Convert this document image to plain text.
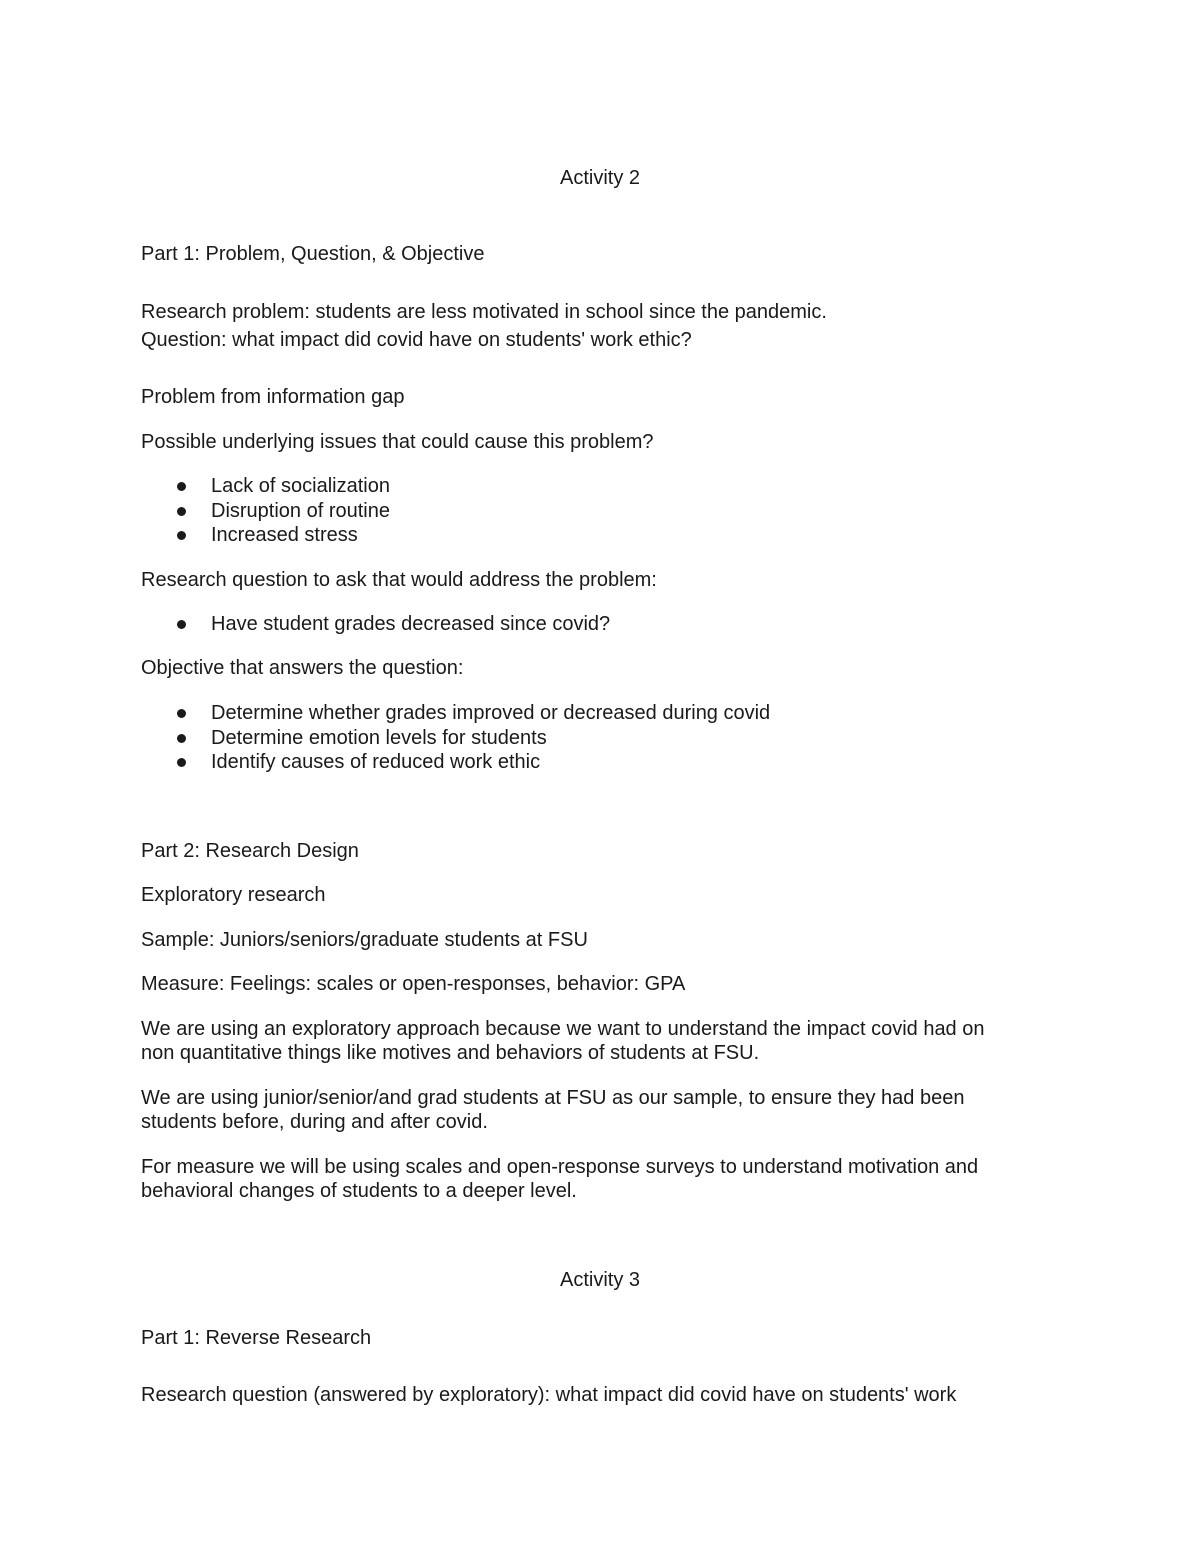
Activity 2
Part 1: Problem, Question, & Objective
Research problem: students are less motivated in school since the pandemic.
Question: what impact did covid have on students' work ethic?
Problem from information gap
Possible underlying issues that could cause this problem?
Lack of socialization
Disruption of routine
Increased stress
Research question to ask that would address the problem:
Have student grades decreased since covid?
Objective that answers the question:
Determine whether grades improved or decreased during covid
Determine emotion levels for students
Identify causes of reduced work ethic
Part 2: Research Design
Exploratory research
Sample: Juniors/seniors/graduate students at FSU
Measure: Feelings: scales or open-responses, behavior: GPA
We are using an exploratory approach because we want to understand the impact covid had on
non quantitative things like motives and behaviors of students at FSU.
We are using junior/senior/and grad students at FSU as our sample, to ensure they had been
students before, during and after covid.
For measure we will be using scales and open-response surveys to understand motivation and
behavioral changes of students to a deeper level.
Activity 3
Part 1: Reverse Research
Research question (answered by exploratory): what impact did covid have on students' work
